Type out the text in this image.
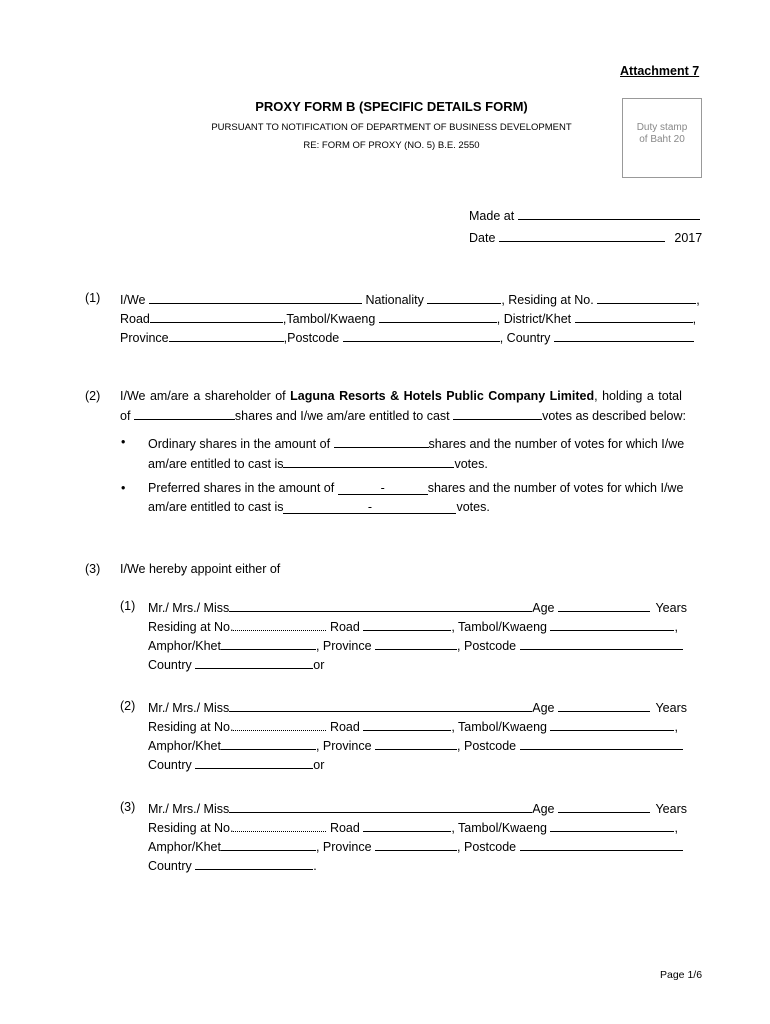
Attachment 7
PROXY FORM B (SPECIFIC DETAILS FORM)
PURSUANT TO NOTIFICATION OF DEPARTMENT OF BUSINESS DEVELOPMENT
RE: FORM OF PROXY (NO. 5) B.E. 2550
Duty stamp
of Baht 20
Made at
Date	2017
(1) I/We	Nationality	, Residing at No.	,
Road	,Tambol/Kwaeng	, District/Khet	,
Province	,Postcode	, Country
(2) I/We am/are a shareholder of Laguna Resorts & Hotels Public Company Limited, holding a total
of	shares and I/we am/are entitled to cast	votes as described below:
• Ordinary shares in the amount of	shares and the number of votes for which I/we
am/are entitled to cast is	votes.
• Preferred shares in the amount of	-	shares and the number of votes for which I/we
am/are entitled to cast is	-	votes.
(3) I/We hereby appoint either of
(1) Mr./ Mrs./ Miss	Age	Years
Residing at No.	Road	, Tambol/Kwaeng	,
Amphor/Khet	, Province	, Postcode
Country	or
(2) Mr./ Mrs./ Miss	Age	Years
Residing at No.	Road	, Tambol/Kwaeng	,
Amphor/Khet	, Province	, Postcode
Country	or
(3) Mr./ Mrs./ Miss	Age	Years
Residing at No.	Road	, Tambol/Kwaeng	,
Amphor/Khet	, Province	, Postcode
Country	.
Page 1/6
